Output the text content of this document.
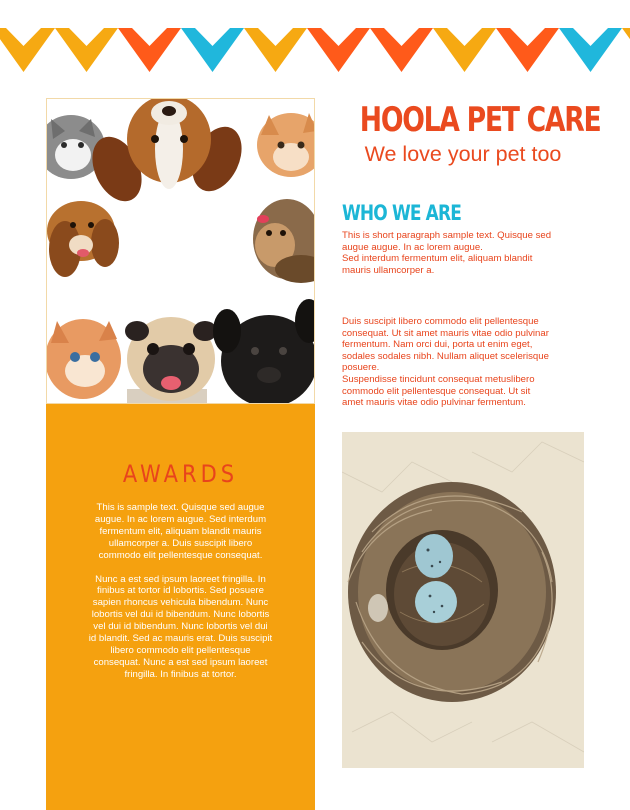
AWARDS

This is sample text. Quisque sed augue
augue. In ac lorem augue. Sed interdum
fermentum elit, aliquam blandit mauris
ullamcorper a. Duis suscipit libero
commodo elit pellentesque consequat.

Nunc a est sed ipsum laoreet fringilla. In
finibus at tortor id lobortis. Sed posuere
sapien rhoncus vehicula bibendum. Nunc
lobortis vel dui id bibendum. Nunc lobortis
vel dui id bibendum. Nunc lobortis vel dui
id blandit. Sed ac mauris erat. Duis suscipit
libero commodo elit pellentesque
consequat. Nunc a est sed ipsum laoreet
fringilla. In finibus at tortor.

HOOLA PET CARE
We love your pet too
WHO WE ARE
This is short paragraph sample text. Quisque sed
augue augue. In ac lorem augue.
Sed interdum fermentum elit, aliquam blandit
mauris ullamcorper a.
Duis suscipit libero commodo elit pellentesque
consequat. Ut sit amet mauris vitae odio pulvinar
fermentum. Nam orci dui, porta ut enim eget,
sodales sodales nibh. Nullam aliquet scelerisque
posuere.
Suspendisse tincidunt consequat metuslibero
commodo elit pellentesque consequat. Ut sit
amet mauris vitae odio pulvinar fermentum.
